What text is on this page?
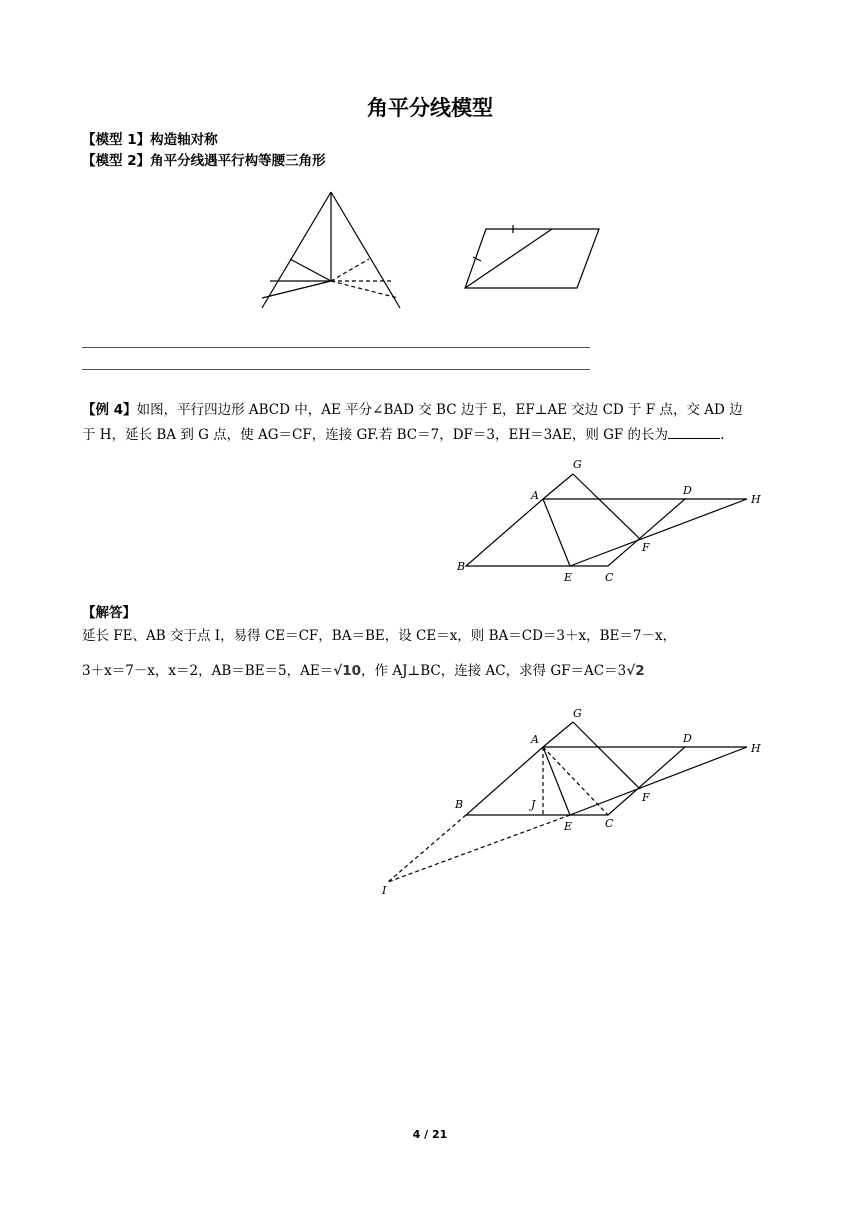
角平分线模型
【模型 1】构造轴对称
【模型 2】角平分线遇平行构等腰三角形
【例 4】如图，平行四边形 ABCD 中，AE 平分∠BAD 交 BC 边于 E，EF⊥AE 交边 CD 于 F 点，交 AD 边
于 H，延长 BA 到 G 点，使 AG＝CF，连接 GF.若 BC＝7，DF＝3，EH＝3AE，则 GF 的长为	.
G
A	D
H
B
E	C
F
【解答】
延长 FE、AB 交于点 I，易得 CE＝CF，BA＝BE，设 CE＝x，则 BA＝CD＝3＋x，BE＝7－x，
3＋x＝7－x，x＝2，AB＝BE＝5，AE＝√10，作 AJ⊥BC，连接 AC，求得 GF＝AC＝3√2
G
A	D
H
B	J
E	C
F
I
4 / 21
